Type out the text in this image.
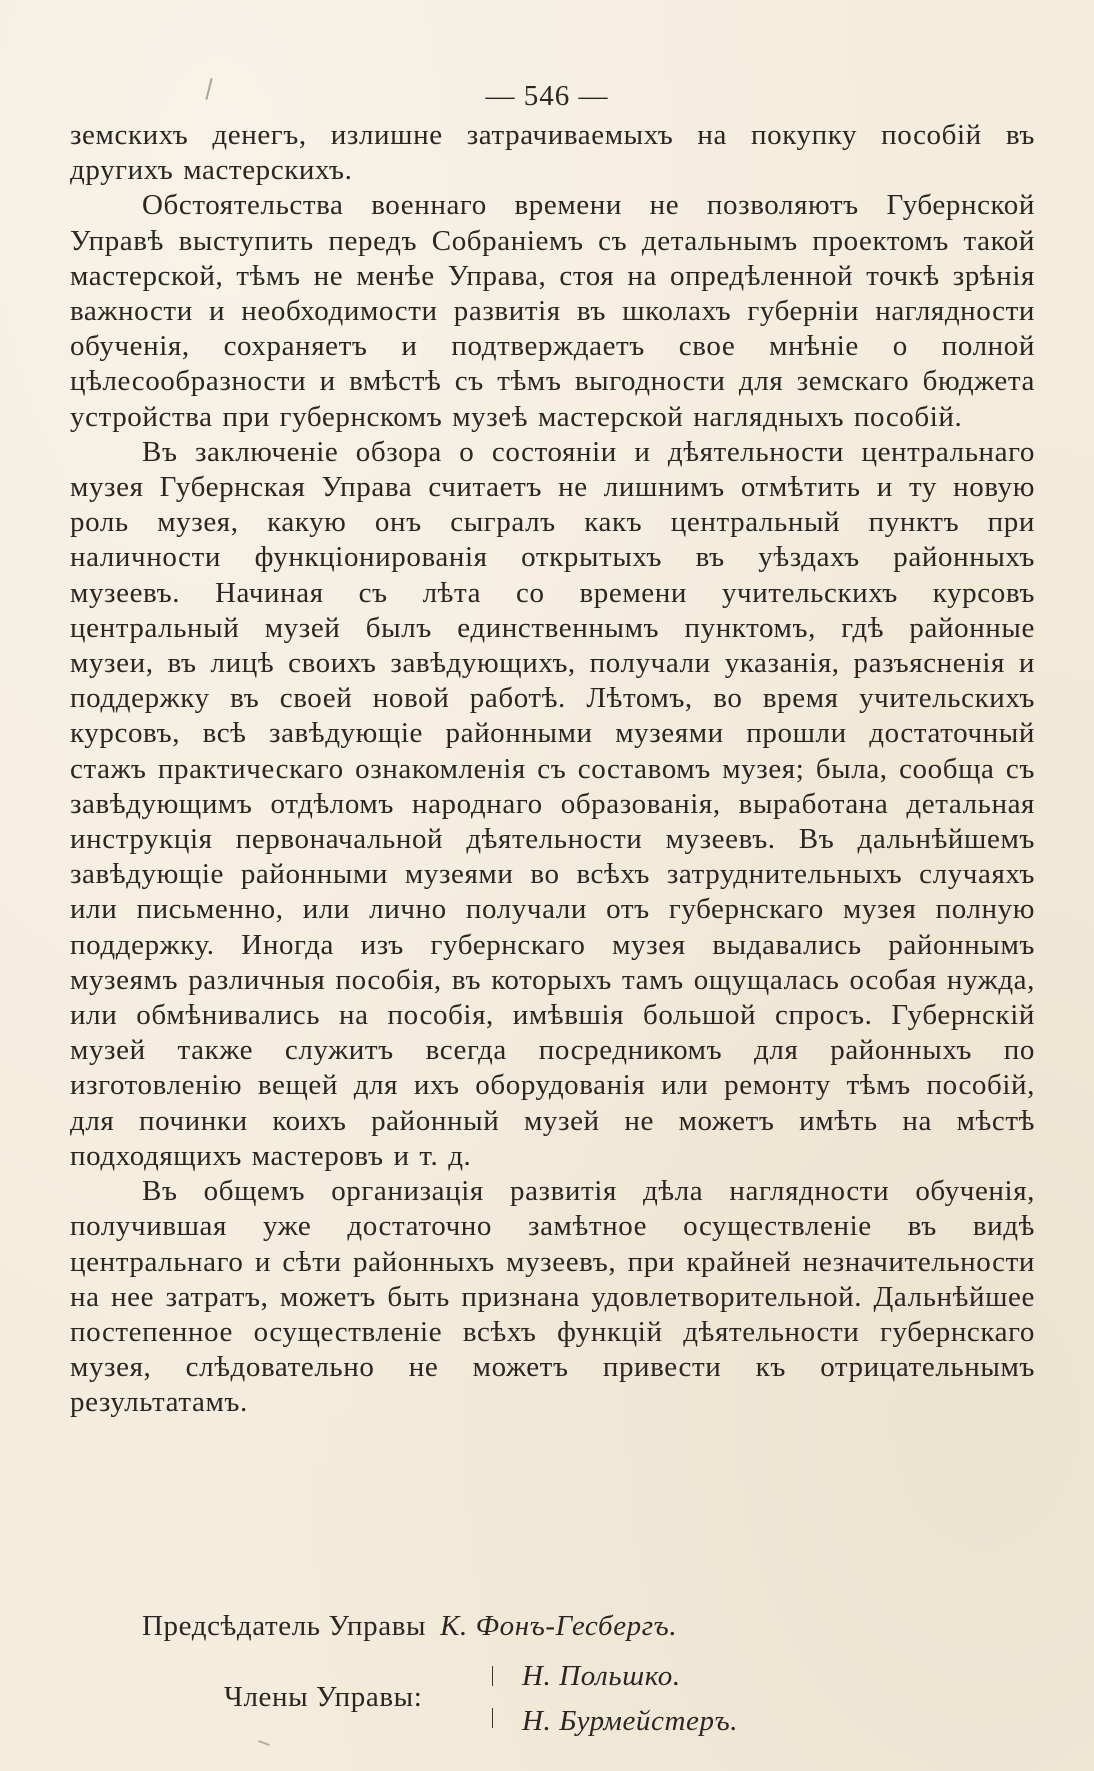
— 546 —

земскихъ денегъ, излишне затрачиваемыхъ на покупку пособій въ другихъ мастерскихъ.

Обстоятельства военнаго времени не позволяютъ Губернской Управѣ выступить передъ Собраніемъ съ детальнымъ проектомъ такой мастерской, тѣмъ не менѣе Управа, стоя на опредѣленной точкѣ зрѣнія важности и необходимости развитія въ школахъ губерніи наглядности обученія, сохраняетъ и подтверждаетъ свое мнѣніе о полной цѣлесообразности и вмѣстѣ съ тѣмъ выгодности для земскаго бюджета устройства при губернскомъ музеѣ мастерской наглядныхъ пособій.

Въ заключеніе обзора о состояніи и дѣятельности центральнаго музея Губернская Управа считаетъ не лишнимъ отмѣтить и ту новую роль музея, какую онъ сыгралъ какъ центральный пунктъ при наличности функціонированія открытыхъ въ уѣздахъ районныхъ музеевъ. Начиная съ лѣта со времени учительскихъ курсовъ центральный музей былъ единственнымъ пунктомъ, гдѣ районные музеи, въ лицѣ своихъ завѣдующихъ, получали указанія, разъясненія и поддержку въ своей новой работѣ. Лѣтомъ, во время учительскихъ курсовъ, всѣ завѣдующіе районными музеями прошли достаточный стажъ практическаго ознакомленія съ составомъ музея; была, сообща съ завѣдующимъ отдѣломъ народнаго образованія, выработана детальная инструкція первоначальной дѣятельности музеевъ. Въ дальнѣйшемъ завѣдующіе районными музеями во всѣхъ затруднительныхъ случаяхъ или письменно, или лично получали отъ губернскаго музея полную поддержку. Иногда изъ губернскаго музея выдавались районнымъ музеямъ различныя пособія, въ которыхъ тамъ ощущалась особая нужда, или обмѣнивались на пособія, имѣвшія большой спросъ. Губернскій музей также служитъ всегда посредникомъ для районныхъ по изготовленію вещей для ихъ оборудованія или ремонту тѣмъ пособій, для починки коихъ районный музей не можетъ имѣть на мѣстѣ подходящихъ мастеровъ и т. д.

Въ общемъ организація развитія дѣла наглядности обученія, получившая уже достаточно замѣтное осуществленіе въ видѣ центральнаго и сѣти районныхъ музеевъ, при крайней незначительности на нее затратъ, можетъ быть признана удовлетворительной. Дальнѣйшее постепенное осуществленіе всѣхъ функцій дѣятельности губернскаго музея, слѣдовательно не можетъ привести къ отрицательнымъ результатамъ.

Предсѣдатель Управы К. Фонъ-Гесбергъ.
Члены Управы:
Н. Польшко.
Н. Бурмейстеръ.
